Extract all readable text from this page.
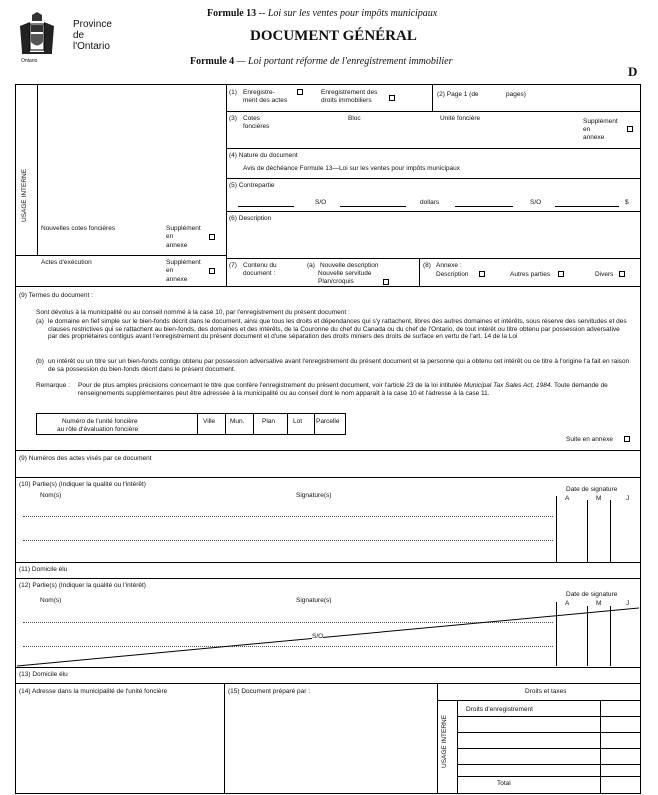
Ontario
Province
de
l'Ontario
Formule 13 -- Loi sur les ventes pour impôts municipaux
DOCUMENT GÉNÉRAL
Formule 4 — Loi portant réforme de l'enregistrement immobilier
D
USAGE INTERNE
Nouvelles cotes foncières	Supplément
en
annexe
Actes d'exécution	Supplément
en
annexe
(1) Enregistre-
ment des actes
Enregistrement des
droits immobiliers
(2) Page 1 (de	pages)
(3) Cotes
foncières
Bloc	Unité foncière	Supplément
en
annexe
(4) Nature du document
Avis de déchéance Formule 13—Loi sur les ventes pour impôts municipaux
(5) Contrepartie
S/O	dollars	S/O	$
(6) Description
(7) Contenu du
document :
(a) Nouvelle description
Nouvelle servitude
Plan/croquis
(8) Annexe :
Description	Autres parties	Divers
(9) Termes du document :
Sont dévolus à la municipalité ou au conseil nommé à la case 10, par l'enregistrement du présent document :
(a) le domaine en fief simple sur le bien-fonds décrit dans le document, ainsi que tous les droits et dépendances qui s'y rattachent, libres des autres domaines et intérêts, sous réserve des servitudes et des clauses restrictives qui se rattachent au bien-fonds, des domaines et des intérêts, de la Couronne du chef du Canada ou du chef de l'Ontario, de tout intérêt ou titre obtenu par possession adversative par des propriétaires contigus avant l'enregistrement du présent document et d'une séparation des droits miniers des droits de surface en vertu de l'art. 14 de la Loi
(b) un intérêt ou un titre sur un bien-fonds contigu obtenu par possession adversative avant l'enregistrement du présent document et la personne qui a obtenu cet intérêt ou ce titre à l'origine l'a fait en raison de sa possession du bien-fonds décrit dans le présent document.
Remarque : Pour de plus amples précisions concernant le titre que confère l'enregistrement du présent document, voir l'article 23 de la loi intitulée Municipal Tax Sales Act, 1984. Toute demande de renseignements supplémentaires peut être adressée à la municipalité ou au conseil dont le nom apparaît à la case 10 et l'adresse à la case 11.
Numéro de l'unité foncière
au rôle d'évaluation foncière
Ville Mun.	Plan	Lot Parcelle
Suite en annexe
(9) Numéros des actes visés par ce document
(10) Partie(s) (Indiquer la qualité ou l'intérêt)
Nom(s)	Signature(s)
Date de signature
A	M	J
(11) Domicile élu
(12) Partie(s) (Indiquer la qualité ou l'intérêt)
Nom(s)	Signature(s)
Date de signature
A	M	J
S/O
(13) Domicile élu
(14) Adresse dans la municipalité de l'unité foncière	(15) Document préparé par :	Droits et taxes
USAGE INTERNE
Droits d'enregistrement
Total
